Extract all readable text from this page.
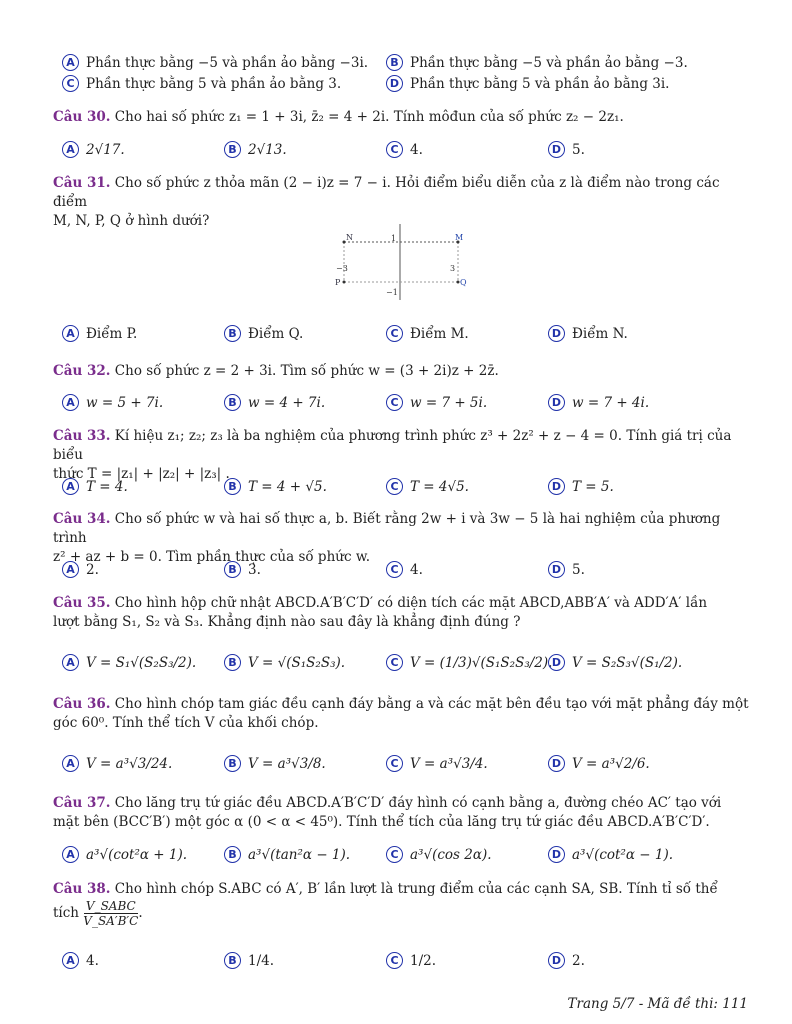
A Phần thực bằng −5 và phần ảo bằng −3i.	B Phần thực bằng −5 và phần ảo bằng −3.
C Phần thực bằng 5 và phần ảo bằng 3.	D Phần thực bằng 5 và phần ảo bằng 3i.
Câu 30. Cho hai số phức z₁ = 1 + 3i, z̄₂ = 4 + 2i. Tính môđun của số phức z₂ − 2z₁.
A 2√17.	B 2√13.	C 4.	D 5.
Câu 31. Cho số phức z thỏa mãn (2 − i)z = 7 − i. Hỏi điểm biểu diễn của z là điểm nào trong các điểm
M, N, P, Q ở hình dưới?
N	M
P	Q
1
−1
−3	3
A Điểm P.	B Điểm Q.	C Điểm M.	D Điểm N.
Câu 32. Cho số phức z = 2 + 3i. Tìm số phức w = (3 + 2i)z + 2z̄.
A w = 5 + 7i.	B w = 4 + 7i.	C w = 7 + 5i.	D w = 7 + 4i.
Câu 33. Kí hiệu z₁; z₂; z₃ là ba nghiệm của phương trình phức z³ + 2z² + z − 4 = 0. Tính giá trị của biểu
thức T = |z₁| + |z₂| + |z₃| .
A T = 4.	B T = 4 + √5.	C T = 4√5.	D T = 5.
Câu 34. Cho số phức w và hai số thực a, b. Biết rằng 2w + i và 3w − 5 là hai nghiệm của phương trình
z² + az + b = 0. Tìm phần thực của số phức w.
A 2.	B 3.	C 4.	D 5.
Câu 35. Cho hình hộp chữ nhật ABCD.A′B′C′D′ có diện tích các mặt ABCD,ABB′A′ và ADD′A′ lần
lượt bằng S₁, S₂ và S₃. Khẳng định nào sau đây là khẳng định đúng ?
A V = S₁√(S₂S₃/2).	B V = √(S₁S₂S₃).	C V = (1/3)√(S₁S₂S₃/2). D V = S₂S₃√(S₁/2).
Câu 36. Cho hình chóp tam giác đều cạnh đáy bằng a và các mặt bên đều tạo với mặt phẳng đáy một
góc 60⁰. Tính thể tích V của khối chóp.
A V = a³√3/24.	B V = a³√3/8.	C V = a³√3/4.	D V = a³√2/6.
Câu 37. Cho lăng trụ tứ giác đều ABCD.A′B′C′D′ đáy hình có cạnh bằng a, đường chéo AC′ tạo với
mặt bên (BCC′B′) một góc α (0 < α < 45⁰). Tính thể tích của lăng trụ tứ giác đều ABCD.A′B′C′D′.
A a³√(cot²α + 1).	B a³√(tan²α − 1).	C a³√(cos 2α).	D a³√(cot²α − 1).
Câu 38. Cho hình chóp S.ABC có A′, B′ lần lượt là trung điểm của các cạnh SA, SB. Tính tỉ số thể
tích $\frac{\text{V\_SABC}}{V\_SA'B'C}$ .
A 4.	B 1/4.	C 1/2.	D 2.
Trang 5/7 - Mã đề thi: 111
